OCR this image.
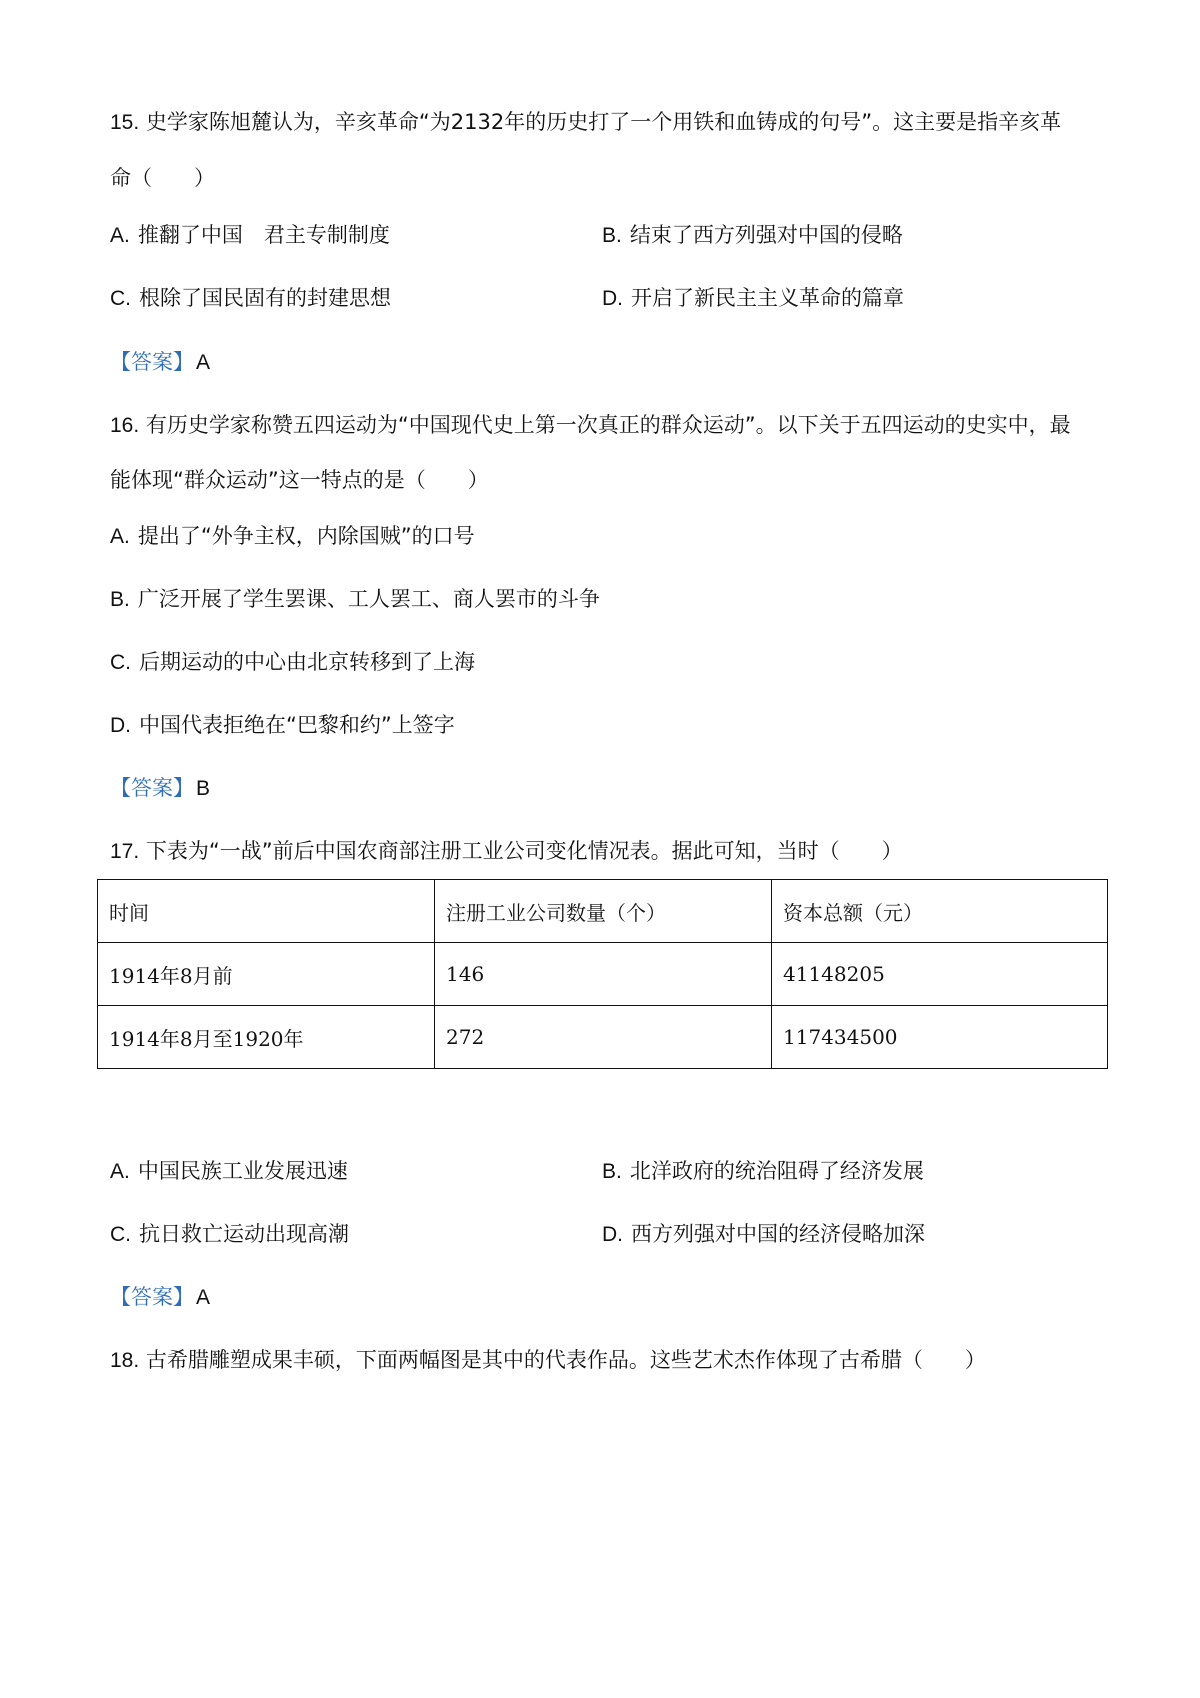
15. 史学家陈旭麓认为，辛亥革命“为2132年的历史打了一个用铁和血铸成的句号”。这主要是指辛亥革
命（　　）
A. 推翻了中国　君主专制制度	B. 结束了西方列强对中国的侵略
C. 根除了国民固有的封建思想	D. 开启了新民主主义革命的篇章
【答案】A
16. 有历史学家称赞五四运动为“中国现代史上第一次真正的群众运动”。以下关于五四运动的史实中，最
能体现“群众运动”这一特点的是（　　）
A. 提出了“外争主权，内除国贼”的口号
B. 广泛开展了学生罢课、工人罢工、商人罢市的斗争
C. 后期运动的中心由北京转移到了上海
D. 中国代表拒绝在“巴黎和约”上签字
【答案】B
17. 下表为“一战”前后中国农商部注册工业公司变化情况表。据此可知，当时（　　）
时间	注册工业公司数量（个）	资本总额（元）
1914年8月前	146	41148205
1914年8月至1920年	272	117434500
A. 中国民族工业发展迅速	B. 北洋政府的统治阻碍了经济发展
C. 抗日救亡运动出现高潮	D. 西方列强对中国的经济侵略加深
【答案】A
18. 古希腊雕塑成果丰硕，下面两幅图是其中的代表作品。这些艺术杰作体现了古希腊（　　）
